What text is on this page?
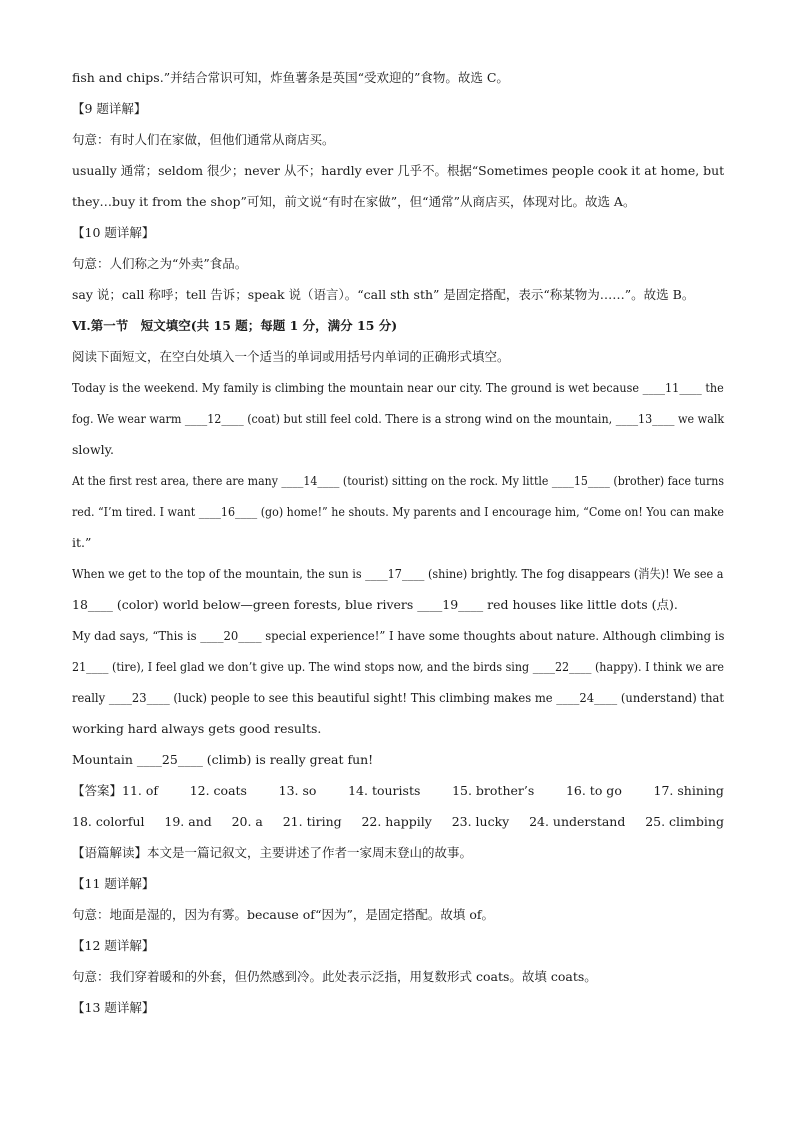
fish and chips.”并结合常识可知，炸鱼薯条是英国“受欢迎的”食物。故选 C。
【9 题详解】
句意：有时人们在家做，但他们通常从商店买。
usually 通常；seldom 很少；never 从不；hardly ever 几乎不。根据“Sometimes people cook it at home, but
they…buy it from the shop”可知，前文说“有时在家做”，但“通常”从商店买，体现对比。故选 A。
【10 题详解】
句意：人们称之为“外卖”食品。
say 说；call 称呼；tell 告诉；speak 说（语言）。“call sth sth” 是固定搭配，表示“称某物为……”。故选 B。
Ⅵ.第一节　短文填空(共 15 题；每题 1 分，满分 15 分)
阅读下面短文，在空白处填入一个适当的单词或用括号内单词的正确形式填空。
Today is the weekend. My family is climbing the mountain near our city. The ground is wet because ____11____ the
fog. We wear warm ____12____ (coat) but still feel cold. There is a strong wind on the mountain, ____13____ we walk
slowly.
At the first rest area, there are many ____14____ (tourist) sitting on the rock. My little ____15____ (brother) face turns
red. “I’m tired. I want ____16____ (go) home!” he shouts. My parents and I encourage him, “Come on! You can make
it.”
When we get to the top of the mountain, the sun is ____17____ (shine) brightly. The fog disappears (消失)! We see a
18____ (color) world below—green forests, blue rivers ____19____ red houses like little dots (点).
My dad says, “This is ____20____ special experience!” I have some thoughts about nature. Although climbing is
21____ (tire), I feel glad we don’t give up. The wind stops now, and the birds sing ____22____ (happy). I think we are
really ____23____ (luck) people to see this beautiful sight! This climbing makes me ____24____ (understand) that
working hard always gets good results.
Mountain ____25____ (climb) is really great fun!
【答案】11. of	12. coats	13. so	14. tourists	15. brother’s	16. to go	17. shining
18. colorful 19. and 20. a 21. tiring 22. happily 23. lucky 24. understand 25. climbing
【语篇解读】本文是一篇记叙文，主要讲述了作者一家周末登山的故事。
【11 题详解】
句意：地面是湿的，因为有雾。because of“因为”，是固定搭配。故填 of。
【12 题详解】
句意：我们穿着暖和的外套，但仍然感到冷。此处表示泛指，用复数形式 coats。故填 coats。
【13 题详解】
